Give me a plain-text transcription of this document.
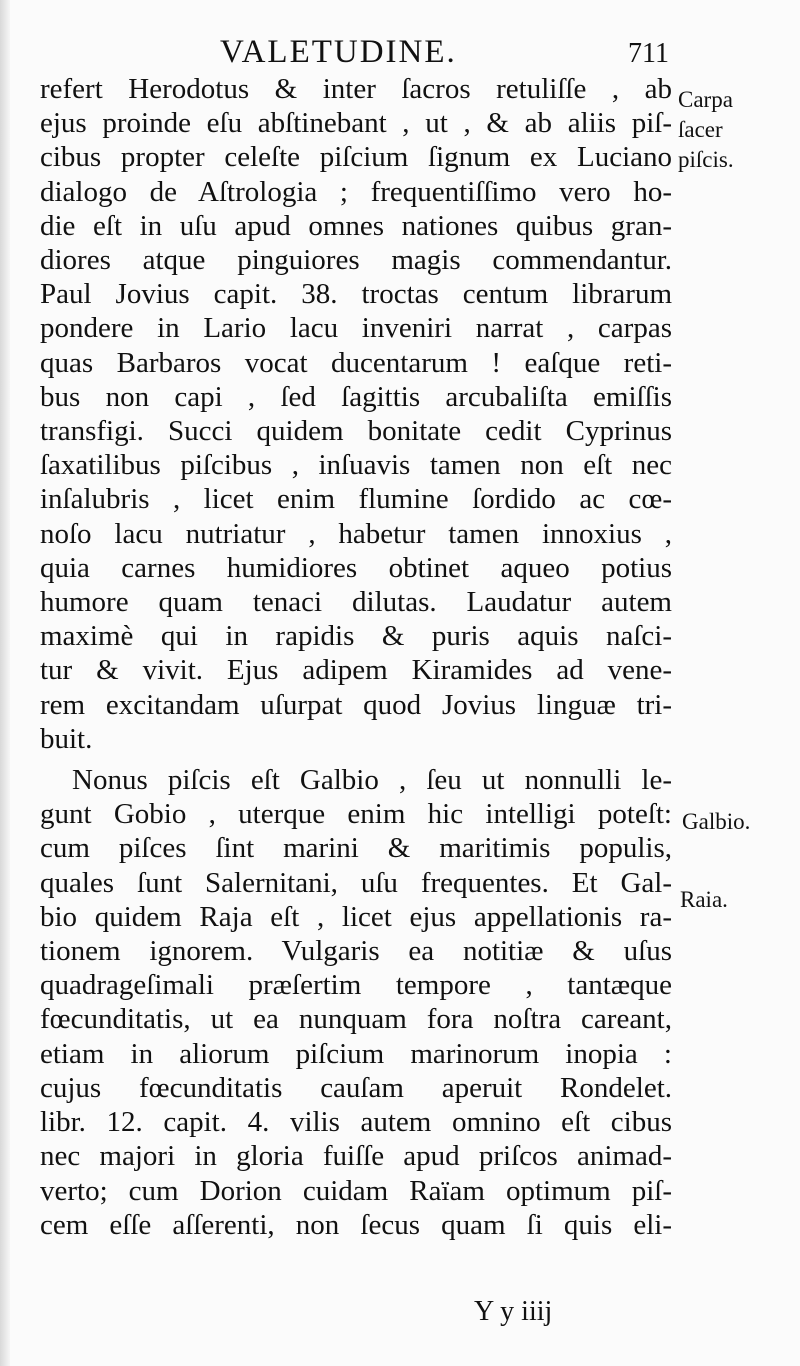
VALETUDINE.	711
refert Herodotus & inter ſacros retuliſſe , ab
ejus proinde eſu abſtinebant , ut , & ab aliis piſ-
cibus propter celeſte piſcium ſignum ex Luciano
dialogo de Aſtrologia ; frequentiſſimo vero ho-
die eſt in uſu apud omnes nationes quibus gran-
diores atque pinguiores magis commendantur.
Paul Jovius capit. 38. troctas centum librarum
pondere in Lario lacu inveniri narrat , carpas
quas Barbaros vocat ducentarum ! eaſque reti-
bus non capi , ſed ſagittis arcubaliſta emiſſis
transfigi. Succi quidem bonitate cedit Cyprinus
ſaxatilibus piſcibus , inſuavis tamen non eſt nec
inſalubris , licet enim flumine ſordido ac cœ-
noſo lacu nutriatur , habetur tamen innoxius ,
quia carnes humidiores obtinet aqueo potius
humore quam tenaci dilutas. Laudatur autem
maximè qui in rapidis & puris aquis naſci-
tur & vivit. Ejus adipem Kiramides ad vene-
rem excitandam uſurpat quod Jovius linguæ tri-
buit.
Nonus piſcis eſt Galbio , ſeu ut nonnulli le-
gunt Gobio , uterque enim hic intelligi poteſt:
cum piſces ſint marini & maritimis populis,
quales ſunt Salernitani, uſu frequentes. Et Gal-
bio quidem Raja eſt , licet ejus appellationis ra-
tionem ignorem. Vulgaris ea notitiæ & uſus
quadrageſimali præſertim tempore , tantæque
fœcunditatis, ut ea nunquam fora noſtra careant,
etiam in aliorum piſcium marinorum inopia :
cujus fœcunditatis cauſam aperuit Rondelet.
libr. 12. capit. 4. vilis autem omnino eſt cibus
nec majori in gloria fuiſſe apud priſcos animad-
verto; cum Dorion cuidam Raïam optimum piſ-
cem eſſe aſſerenti, non ſecus quam ſi quis eli-
Carpa
ſacer
piſcis.
Galbio.
Raia.
Y y iiij
